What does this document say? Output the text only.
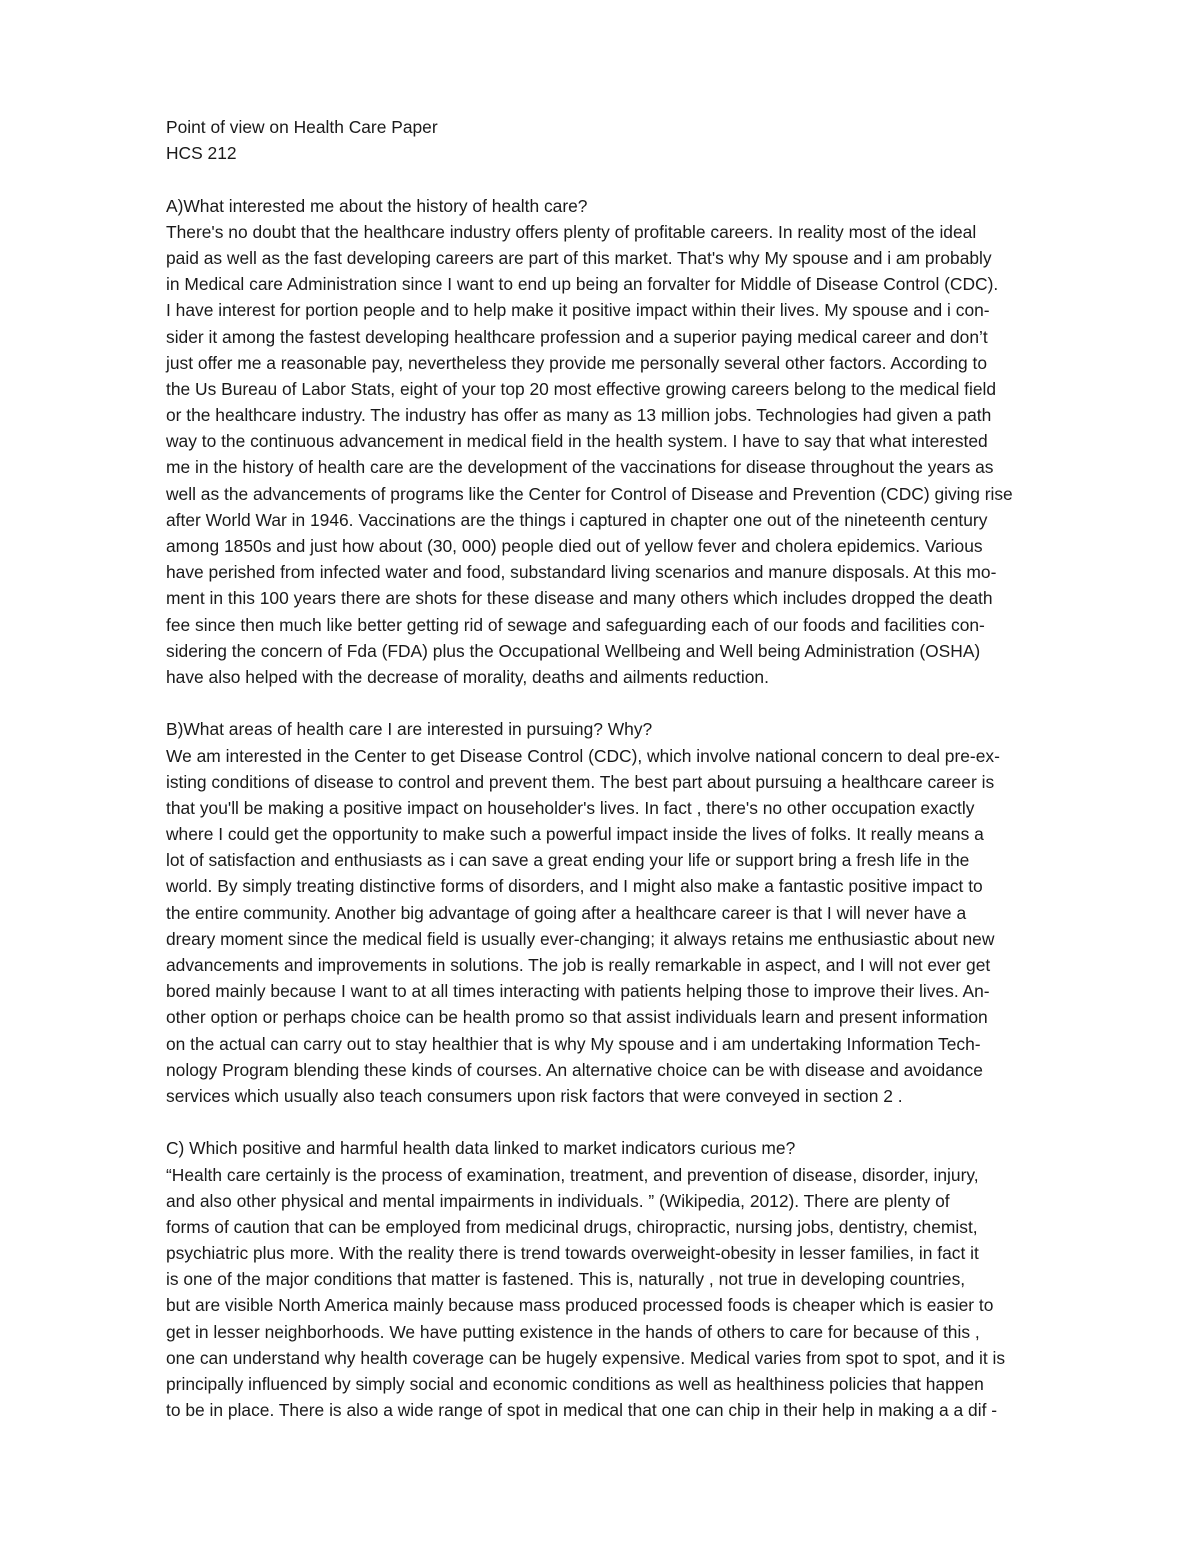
Point of view on Health Care Paper
HCS 212
A)What interested me about the history of health care?
There's no doubt that the healthcare industry offers plenty of profitable careers. In reality most of the ideal
paid as well as the fast developing careers are part of this market. That's why My spouse and i am probably
in Medical care Administration since I want to end up being an forvalter for Middle of Disease Control (CDC).
I have interest for portion people and to help make it positive impact within their lives. My spouse and i con-
sider it among the fastest developing healthcare profession and a superior paying medical career and don’t
just offer me a reasonable pay, nevertheless they provide me personally several other factors. According to
the Us Bureau of Labor Stats, eight of your top 20 most effective growing careers belong to the medical field
or the healthcare industry. The industry has offer as many as 13 million jobs. Technologies had given a path
way to the continuous advancement in medical field in the health system. I have to say that what interested
me in the history of health care are the development of the vaccinations for disease throughout the years as
well as the advancements of programs like the Center for Control of Disease and Prevention (CDC) giving rise
after World War in 1946. Vaccinations are the things i captured in chapter one out of the nineteenth century
among 1850s and just how about (30, 000) people died out of yellow fever and cholera epidemics. Various
have perished from infected water and food, substandard living scenarios and manure disposals. At this mo-
ment in this 100 years there are shots for these disease and many others which includes dropped the death
fee since then much like better getting rid of sewage and safeguarding each of our foods and facilities con-
sidering the concern of Fda (FDA) plus the Occupational Wellbeing and Well being Administration (OSHA)
have also helped with the decrease of morality, deaths and ailments reduction.
B)What areas of health care I are interested in pursuing? Why?
We am interested in the Center to get Disease Control (CDC), which involve national concern to deal pre-ex-
isting conditions of disease to control and prevent them. The best part about pursuing a healthcare career is
that you'll be making a positive impact on householder's lives. In fact , there's no other occupation exactly
where I could get the opportunity to make such a powerful impact inside the lives of folks. It really means a
lot of satisfaction and enthusiasts as i can save a great ending your life or support bring a fresh life in the
world. By simply treating distinctive forms of disorders, and I might also make a fantastic positive impact to
the entire community. Another big advantage of going after a healthcare career is that I will never have a
dreary moment since the medical field is usually ever-changing; it always retains me enthusiastic about new
advancements and improvements in solutions. The job is really remarkable in aspect, and I will not ever get
bored mainly because I want to at all times interacting with patients helping those to improve their lives. An-
other option or perhaps choice can be health promo so that assist individuals learn and present information
on the actual can carry out to stay healthier that is why My spouse and i am undertaking Information Tech-
nology Program blending these kinds of courses. An alternative choice can be with disease and avoidance
services which usually also teach consumers upon risk factors that were conveyed in section 2 .
C) Which positive and harmful health data linked to market indicators curious me?
“Health care certainly is the process of examination, treatment, and prevention of disease, disorder, injury,
and also other physical and mental impairments in individuals. ” (Wikipedia, 2012). There are plenty of
forms of caution that can be employed from medicinal drugs, chiropractic, nursing jobs, dentistry, chemist,
psychiatric plus more. With the reality there is trend towards overweight-obesity in lesser families, in fact it
is one of the major conditions that matter is fastened. This is, naturally , not true in developing countries,
but are visible North America mainly because mass produced processed foods is cheaper which is easier to
get in lesser neighborhoods. We have putting existence in the hands of others to care for because of this ,
one can understand why health coverage can be hugely expensive. Medical varies from spot to spot, and it is
principally influenced by simply social and economic conditions as well as healthiness policies that happen
to be in place. There is also a wide range of spot in medical that one can chip in their help in making a a dif -
